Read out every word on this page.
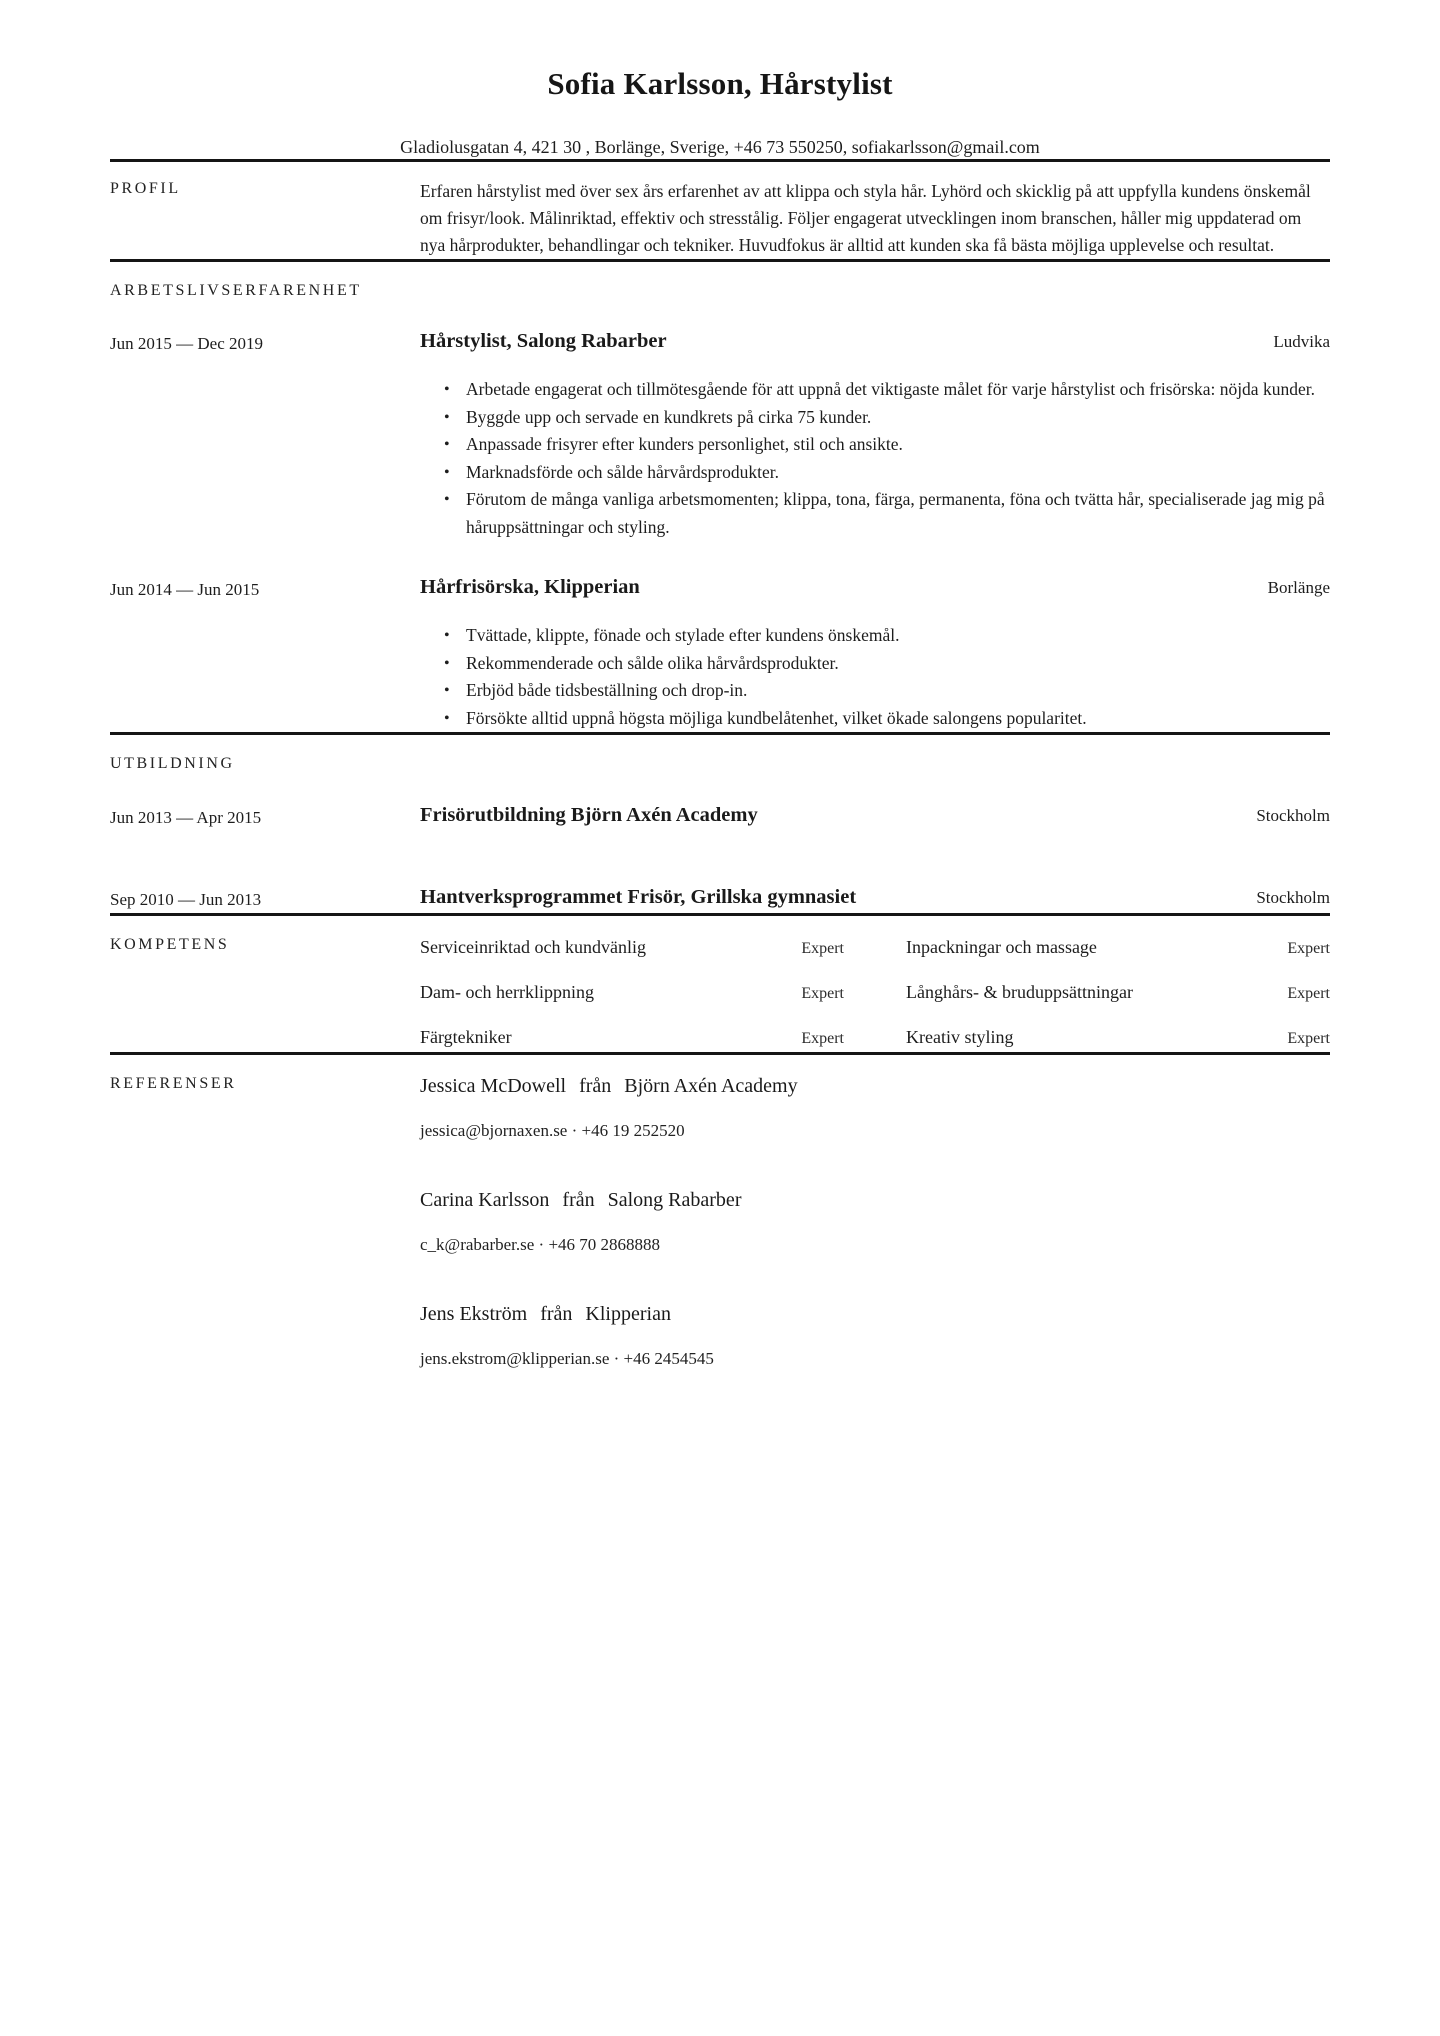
Sofia Karlsson, Hårstylist
Gladiolusgatan 4, 421 30 , Borlänge, Sverige, +46 73 550250, sofiakarlsson@gmail.com
PROFIL	Erfaren hårstylist med över sex års erfarenhet av att klippa och styla hår. Lyhörd och skicklig på att uppfylla kundens önskemål om frisyr/look. Målinriktad, effektiv och stresstålig. Följer engagerat utvecklingen inom branschen, håller mig uppdaterad om nya hårprodukter, behandlingar och tekniker. Huvudfokus är alltid att kunden ska få bästa möjliga upplevelse och resultat.

ARBETSLIVSERFARENHET
Jun 2015 — Dec 2019	Hårstylist, Salong Rabarber	Ludvika
• Arbetade engagerat och tillmötesgående för att uppnå det viktigaste målet för varje hårstylist och frisörska: nöjda kunder.
• Byggde upp och servade en kundkrets på cirka 75 kunder.
• Anpassade frisyrer efter kunders personlighet, stil och ansikte.
• Marknadsförde och sålde hårvårdsprodukter.
• Förutom de många vanliga arbetsmomenten; klippa, tona, färga, permanenta, föna och tvätta hår, specialiserade jag mig på håruppsättningar och styling.
Jun 2014 — Jun 2015	Hårfrisörska, Klipperian	Borlänge
• Tvättade, klippte, fönade och stylade efter kundens önskemål.
• Rekommenderade och sålde olika hårvårdsprodukter.
• Erbjöd både tidsbeställning och drop-in.
• Försökte alltid uppnå högsta möjliga kundbelåtenhet, vilket ökade salongens popularitet.
UTBILDNING
Jun 2013 — Apr 2015	Frisörutbildning Björn Axén Academy	Stockholm
Sep 2010 — Jun 2013	Hantverksprogrammet Frisör, Grillska gymnasiet	Stockholm
KOMPETENS	Serviceinriktad och kundvänlig	Expert	Inpackningar och massage	Expert
Dam- och herrklippning	Expert	Långhårs- & bruduppsättningar	Expert
Färgtekniker	Expert	Kreativ styling	Expert
REFERENSER	Jessica McDowell från Björn Axén Academy
jessica@bjornaxen.se · +46 19 252520
Carina Karlsson från Salong Rabarber
c_k@rabarber.se · +46 70 2868888
Jens Ekström från Klipperian
jens.ekstrom@klipperian.se · +46 2454545
